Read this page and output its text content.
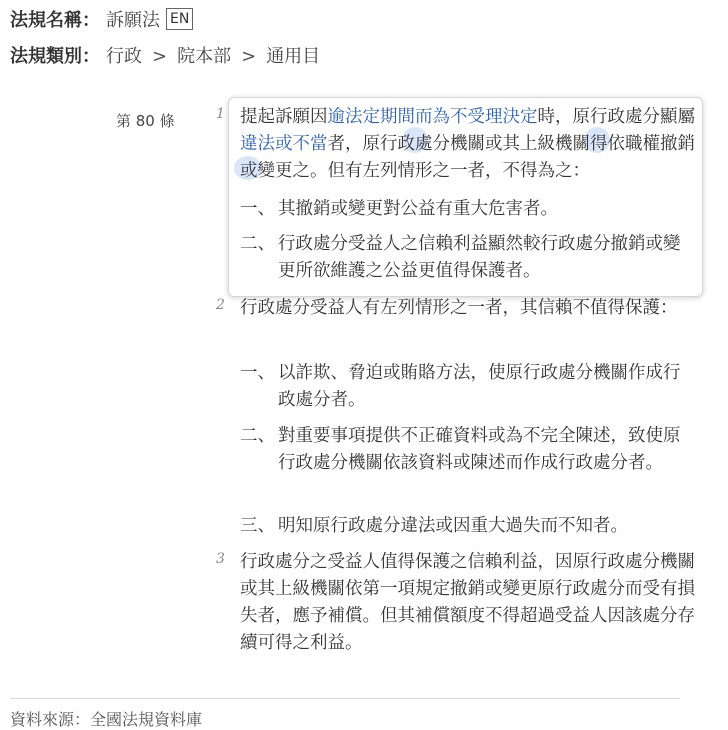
法規名稱： 訴願法 EN
法規類別： 行政 > 院本部 > 通用目
第 80 條	1 提起訴願因逾法定期間而為不受理決定時，原行政處分顯屬違法或不當者，原行政處分機關或其上級機關得依職權撤銷或變更之。但有左列情形之一者，不得為之：
一、 其撤銷或變更對公益有重大危害者。
二、 行政處分受益人之信賴利益顯然較行政處分撤銷或變更所欲維護之公益更值得保護者。
2 行政處分受益人有左列情形之一者，其信賴不值得保護：
一、 以詐欺、脅迫或賄賂方法，使原行政處分機關作成行政處分者。
二、 對重要事項提供不正確資料或為不完全陳述，致使原行政處分機關依該資料或陳述而作成行政處分者。
三、 明知原行政處分違法或因重大過失而不知者。
3 行政處分之受益人值得保護之信賴利益，因原行政處分機關或其上級機關依第一項規定撤銷或變更原行政處分而受有損失者，應予補償。但其補償額度不得超過受益人因該處分存續可得之利益。
資料來源：全國法規資料庫
